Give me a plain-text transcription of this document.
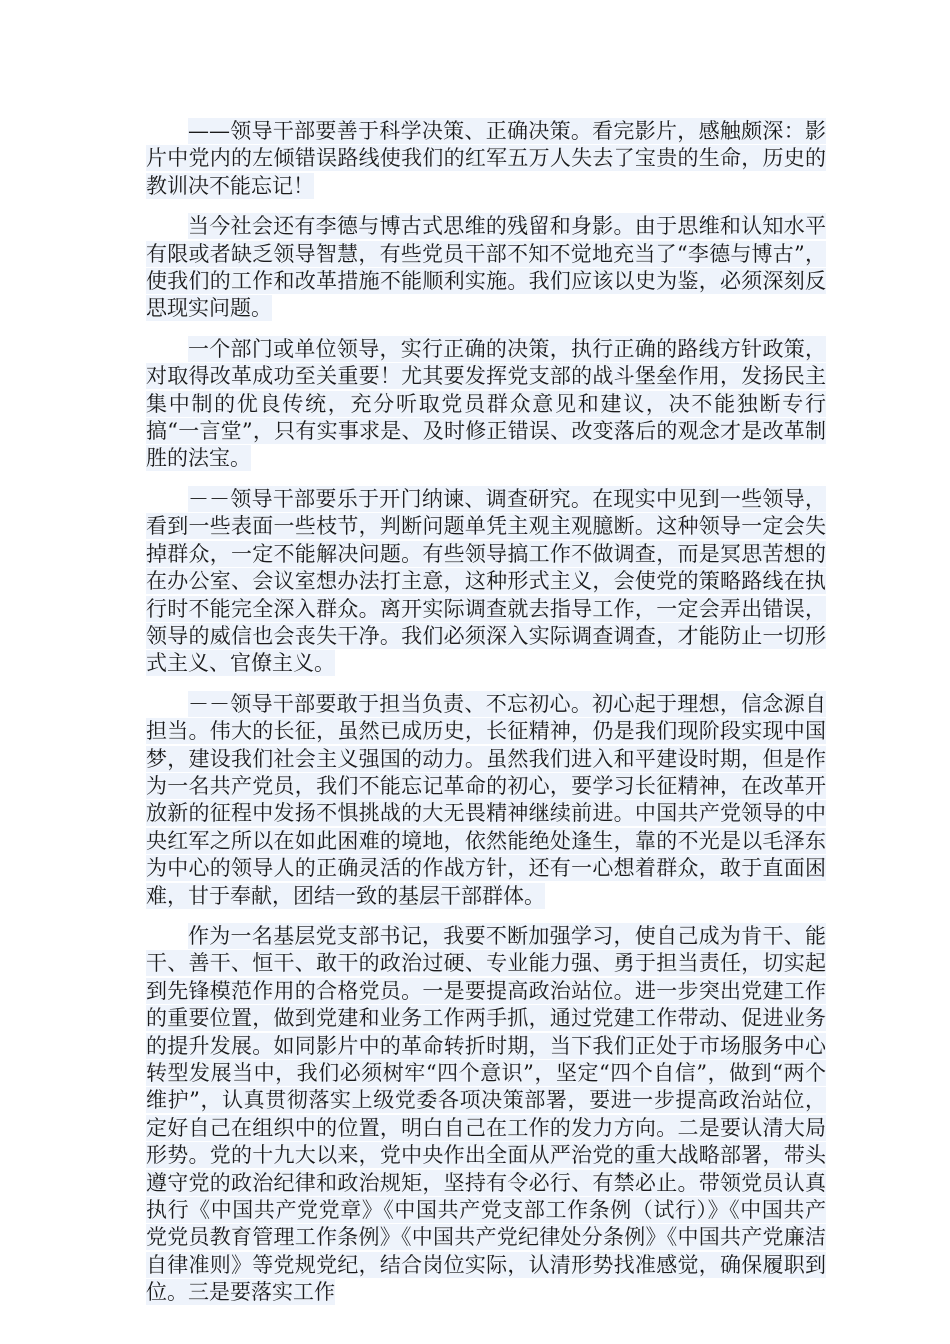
——领导干部要善于科学决策、正确决策。看完影片，感触颇深：影片中党内的左倾错误路线使我们的红军五万人失去了宝贵的生命，历史的教训决不能忘记！

当今社会还有李德与博古式思维的残留和身影。由于思维和认知水平有限或者缺乏领导智慧，有些党员干部不知不觉地充当了“李德与博古”，使我们的工作和改革措施不能顺利实施。我们应该以史为鉴，必须深刻反思现实问题。

一个部门或单位领导，实行正确的决策，执行正确的路线方针政策，对取得改革成功至关重要！尤其要发挥党支部的战斗堡垒作用，发扬民主集中制的优良传统，充分听取党员群众意见和建议，决不能独断专行搞“一言堂”，只有实事求是、及时修正错误、改变落后的观念才是改革制胜的法宝。

－－领导干部要乐于开门纳谏、调查研究。在现实中见到一些领导，看到一些表面一些枝节，判断问题单凭主观主观臆断。这种领导一定会失掉群众，一定不能解决问题。有些领导搞工作不做调查，而是冥思苦想的在办公室、会议室想办法打主意，这种形式主义，会使党的策略路线在执行时不能完全深入群众。离开实际调查就去指导工作，一定会弄出错误，领导的威信也会丧失干净。我们必须深入实际调查调查，才能防止一切形式主义、官僚主义。

－－领导干部要敢于担当负责、不忘初心。初心起于理想，信念源自担当。伟大的长征，虽然已成历史，长征精神，仍是我们现阶段实现中国梦，建设我们社会主义强国的动力。虽然我们进入和平建设时期，但是作为一名共产党员，我们不能忘记革命的初心，要学习长征精神，在改革开放新的征程中发扬不惧挑战的大无畏精神继续前进。中国共产党领导的中央红军之所以在如此困难的境地，依然能绝处逢生，靠的不光是以毛泽东为中心的领导人的正确灵活的作战方针，还有一心想着群众，敢于直面困难，甘于奉献，团结一致的基层干部群体。

作为一名基层党支部书记，我要不断加强学习，使自己成为肯干、能干、善干、恒干、敢干的政治过硬、专业能力强、勇于担当责任，切实起到先锋模范作用的合格党员。一是要提高政治站位。进一步突出党建工作的重要位置，做到党建和业务工作两手抓，通过党建工作带动、促进业务的提升发展。如同影片中的革命转折时期，当下我们正处于市场服务中心转型发展当中，我们必须树牢“四个意识”，坚定“四个自信”，做到“两个维护”，认真贯彻落实上级党委各项决策部署，要进一步提高政治站位，定好自己在组织中的位置，明白自己在工作的发力方向。二是要认清大局形势。党的十九大以来，党中央作出全面从严治党的重大战略部署，带头遵守党的政治纪律和政治规矩，坚持有令必行、有禁必止。带领党员认真执行《中国共产党党章》《中国共产党支部工作条例（试行）》《中国共产党党员教育管理工作条例》《中国共产党纪律处分条例》《中国共产党廉洁自律准则》等党规党纪，结合岗位实际，认清形势找准感觉，确保履职到位。三是要落实工作
